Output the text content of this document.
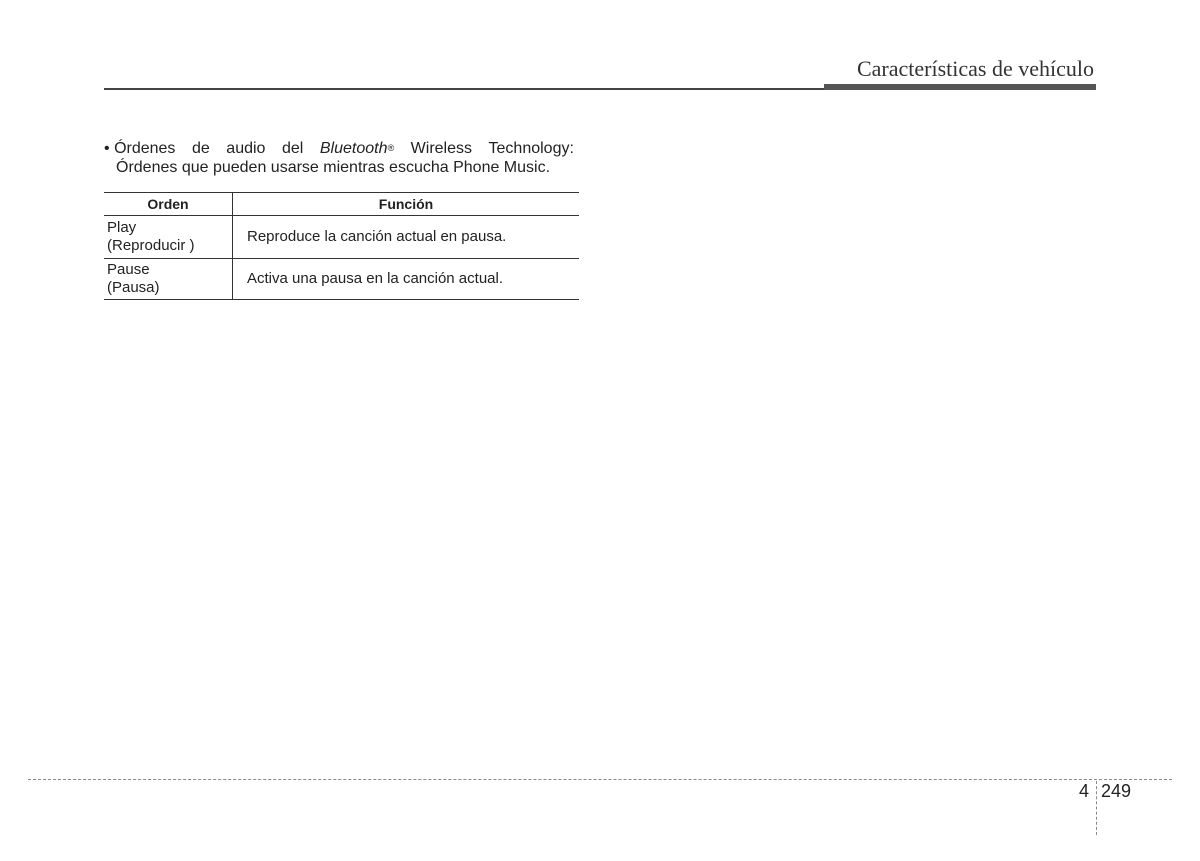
Características de vehículo
• Órdenes de audio del Bluetooth® Wireless Technology:
Órdenes que pueden usarse mientras escucha Phone Music.
Orden	Función

Play
(Reproducir )	Reproduce la canción actual en pausa.

Pause
(Pausa)	Activa una pausa en la canción actual.
4 249
